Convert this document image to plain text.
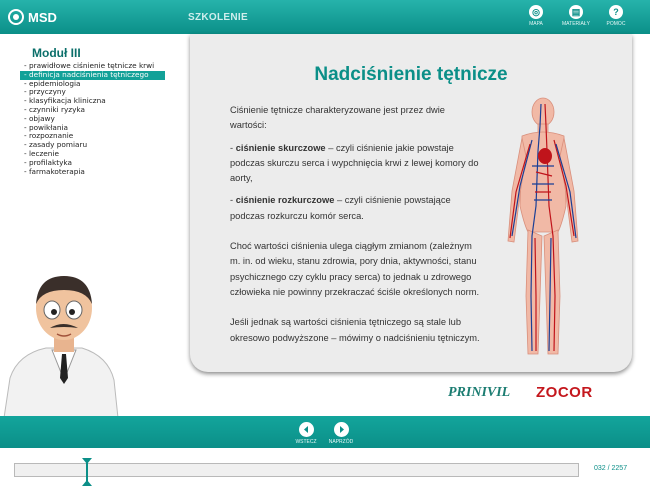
MSD	SZKOLENIE	◎
MAPA
▤
MATERIAŁY
?
POMOC
Moduł III
- prawidłowe ciśnienie tętnicze krwi
- definicja nadciśnienia tętniczego
- epidemiologia
- przyczyny
- klasyfikacja kliniczna
- czynniki ryzyka
- objawy
- powikłania
- rozpoznanie
- zasady pomiaru
- leczenie
- profilaktyka
- farmakoterapia
Nadciśnienie tętnicze

Ciśnienie tętnicze charakteryzowane jest przez dwie wartości:

- ciśnienie skurczowe – czyli ciśnienie jakie powstaje podczas skurczu serca i wypchnięcia krwi z lewej komory do aorty,

- ciśnienie rozkurczowe – czyli ciśnienie powstające podczas rozkurczu komór serca.

Choć wartości ciśnienia ulega ciągłym zmianom (zależnym m. in. od wieku, stanu zdrowia, pory dnia, aktywności, stanu psychicznego czy cyklu pracy serca) to jednak u zdrowego człowieka nie powinny przekraczać ściśle określonych norm.

Jeśli jednak są wartości ciśnienia tętniczego są stale lub okresowo podwyższone – mówimy o nadciśnieniu tętniczym.

PRINIVIL ZOCOR
WSTECZ	NAPRZÓD
032 / 2257
